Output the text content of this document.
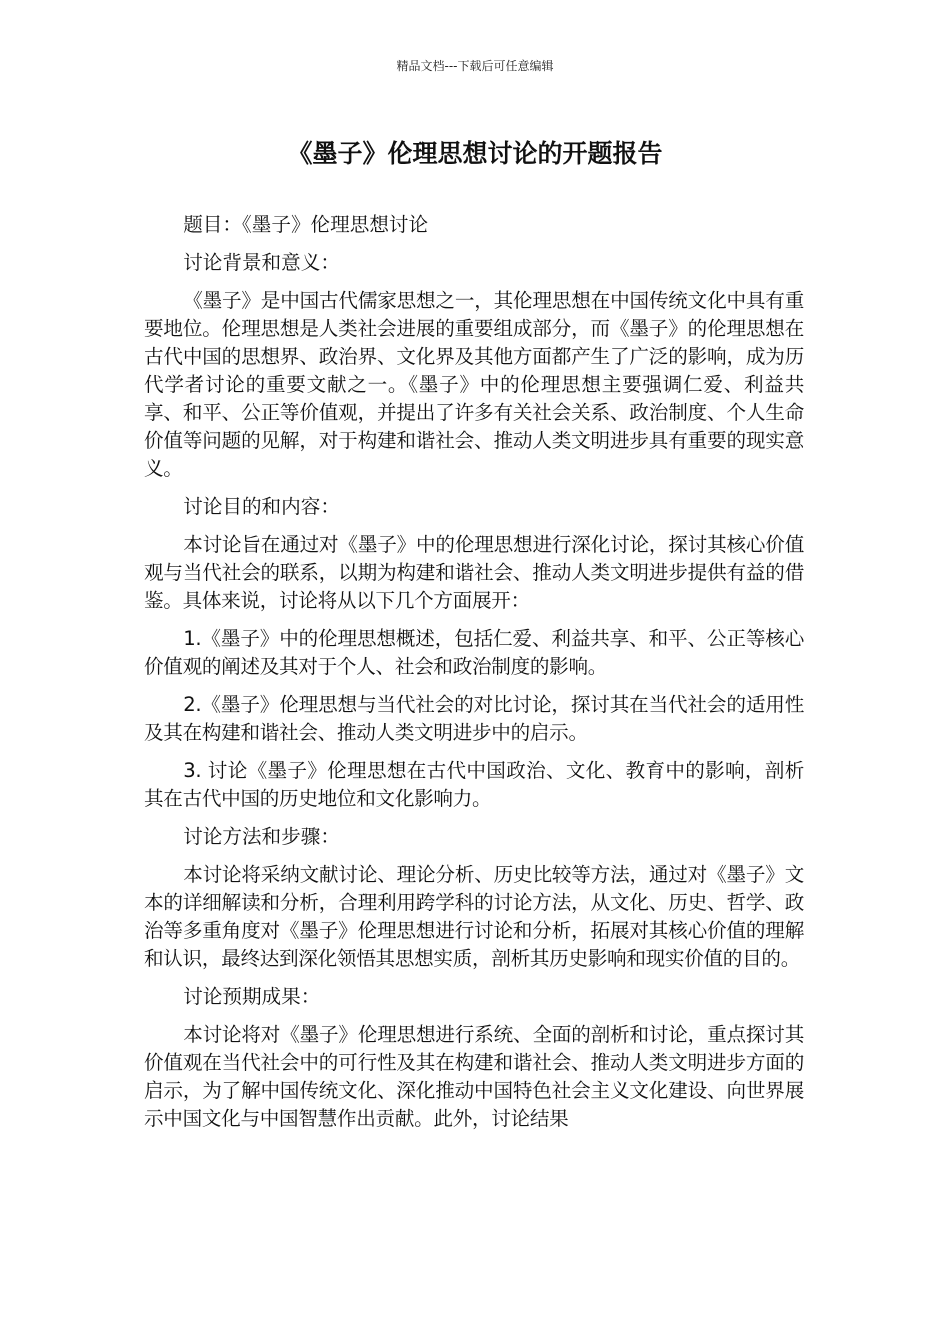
精品文档---下载后可任意编辑
《墨子》伦理思想讨论的开题报告

题目：《墨子》伦理思想讨论

讨论背景和意义：

《墨子》是中国古代儒家思想之一，其伦理思想在中国传统文化中具有重要地位。伦理思想是人类社会进展的重要组成部分，而《墨子》的伦理思想在古代中国的思想界、政治界、文化界及其他方面都产生了广泛的影响，成为历代学者讨论的重要文献之一。《墨子》中的伦理思想主要强调仁爱、利益共享、和平、公正等价值观，并提出了许多有关社会关系、政治制度、个人生命价值等问题的见解，对于构建和谐社会、推动人类文明进步具有重要的现实意义。

讨论目的和内容：

本讨论旨在通过对《墨子》中的伦理思想进行深化讨论，探讨其核心价值观与当代社会的联系，以期为构建和谐社会、推动人类文明进步提供有益的借鉴。具体来说，讨论将从以下几个方面展开：

1.《墨子》中的伦理思想概述，包括仁爱、利益共享、和平、公正等核心价值观的阐述及其对于个人、社会和政治制度的影响。

2.《墨子》伦理思想与当代社会的对比讨论，探讨其在当代社会的适用性及其在构建和谐社会、推动人类文明进步中的启示。

3. 讨论《墨子》伦理思想在古代中国政治、文化、教育中的影响，剖析其在古代中国的历史地位和文化影响力。

讨论方法和步骤：

本讨论将采纳文献讨论、理论分析、历史比较等方法，通过对《墨子》文本的详细解读和分析，合理利用跨学科的讨论方法，从文化、历史、哲学、政治等多重角度对《墨子》伦理思想进行讨论和分析，拓展对其核心价值的理解和认识，最终达到深化领悟其思想实质，剖析其历史影响和现实价值的目的。

讨论预期成果：

本讨论将对《墨子》伦理思想进行系统、全面的剖析和讨论，重点探讨其价值观在当代社会中的可行性及其在构建和谐社会、推动人类文明进步方面的启示，为了解中国传统文化、深化推动中国特色社会主义文化建设、向世界展示中国文化与中国智慧作出贡献。此外，讨论结果
